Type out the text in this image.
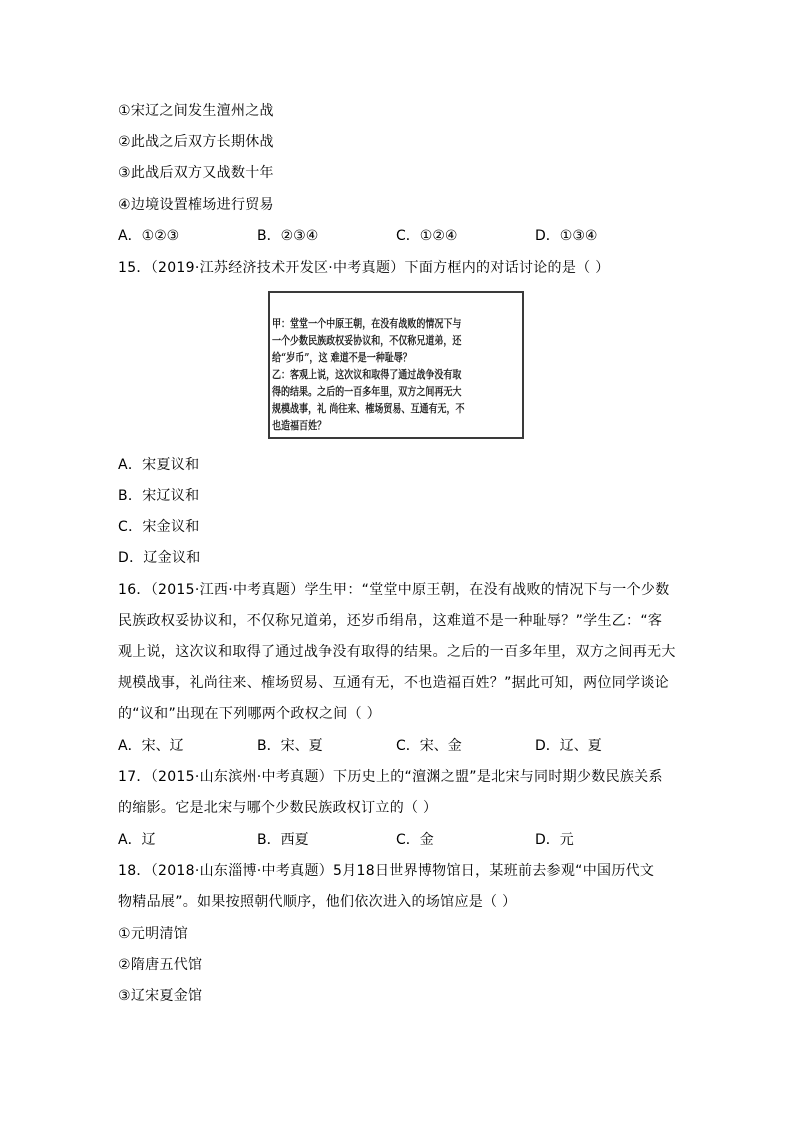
①宋辽之间发生澶州之战
②此战之后双方长期休战
③此战后双方又战数十年
④边境设置榷场进行贸易
A．①②③	B．②③④	C．①②④	D．①③④
15．（2019·江苏经济技术开发区·中考真题）下面方框内的对话讨论的是（ ）
甲：堂堂一个中原王朝，在没有战败的情况下与
一个少数民族政权妥协议和，不仅称兄道弟，还
给“岁币”，这 难道不是一种耻辱？
乙：客观上说，这次议和取得了通过战争没有取
得的结果。之后的一百多年里，双方之间再无大
规模战事，礼 尚往来、榷场贸易、互通有无，不
也造福百姓？
A．宋夏议和
B．宋辽议和
C．宋金议和
D．辽金议和
16．（2015·江西·中考真题）学生甲：“堂堂中原王朝，在没有战败的情况下与一个少数
民族政权妥协议和，不仅称兄道弟，还岁币绢帛，这难道不是一种耻辱？”学生乙：“客
观上说，这次议和取得了通过战争没有取得的结果。之后的一百多年里，双方之间再无大
规模战事，礼尚往来、榷场贸易、互通有无，不也造福百姓？”据此可知，两位同学谈论
的“议和”出现在下列哪两个政权之间（ ）
A．宋、辽	B．宋、夏	C．宋、金	D．辽、夏
17．（2015·山东滨州·中考真题）下历史上的“澶渊之盟”是北宋与同时期少数民族关系
的缩影。它是北宋与哪个少数民族政权订立的（ ）
A．辽	B．西夏	C．金	D．元
18．（2018·山东淄博·中考真题）5月18日世界博物馆日，某班前去参观“中国历代文
物精品展”。如果按照朝代顺序，他们依次进入的场馆应是（ ）
①元明清馆
②隋唐五代馆
③辽宋夏金馆
